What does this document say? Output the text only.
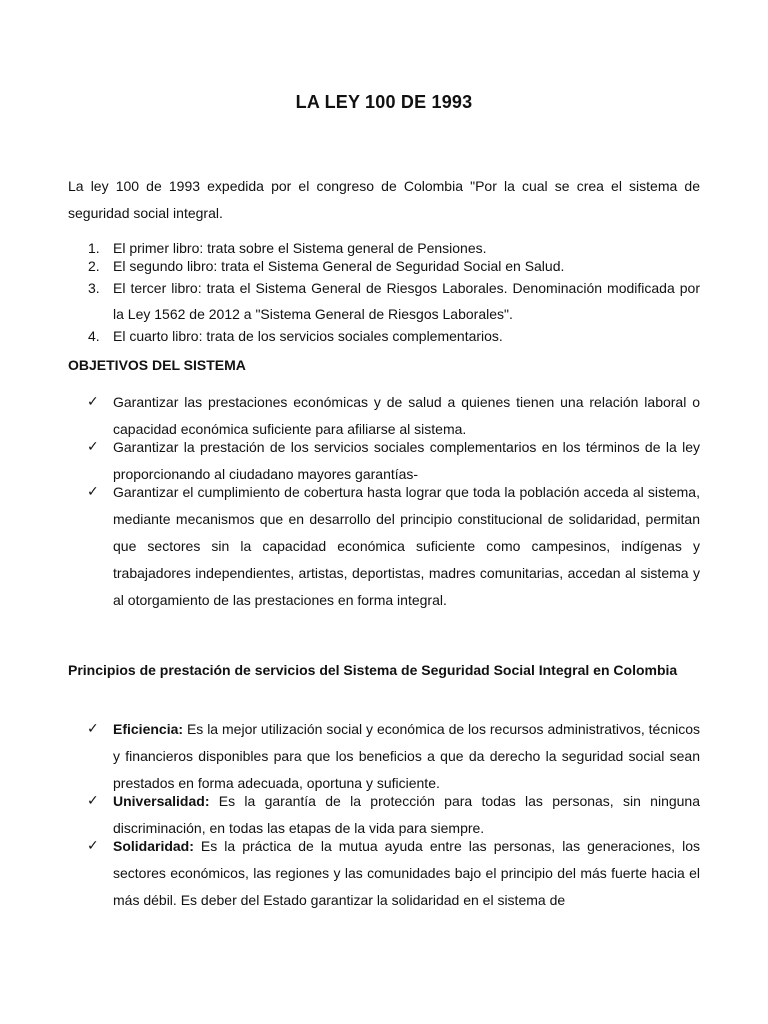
LA LEY 100 DE 1993
La ley 100 de 1993 expedida por el congreso de Colombia "Por la cual se crea el sistema de seguridad social integral.
1. El primer libro: trata sobre el Sistema general de Pensiones.
2. El segundo libro: trata el Sistema General de Seguridad Social en Salud.
3. El tercer libro: trata el Sistema General de Riesgos Laborales. Denominación modificada por la Ley 1562 de 2012 a "Sistema General de Riesgos Laborales".
4. El cuarto libro: trata de los servicios sociales complementarios.
OBJETIVOS DEL SISTEMA
✓ Garantizar las prestaciones económicas y de salud a quienes tienen una relación laboral o capacidad económica suficiente para afiliarse al sistema.
✓ Garantizar la prestación de los servicios sociales complementarios en los términos de la ley proporcionando al ciudadano mayores garantías-
✓ Garantizar el cumplimiento de cobertura hasta lograr que toda la población acceda al sistema, mediante mecanismos que en desarrollo del principio constitucional de solidaridad, permitan que sectores sin la capacidad económica suficiente como campesinos, indígenas y trabajadores independientes, artistas, deportistas, madres comunitarias, accedan al sistema y al otorgamiento de las prestaciones en forma integral.
Principios de prestación de servicios del Sistema de Seguridad Social Integral en Colombia
✓ Eficiencia: Es la mejor utilización social y económica de los recursos administrativos, técnicos y financieros disponibles para que los beneficios a que da derecho la seguridad social sean prestados en forma adecuada, oportuna y suficiente.
✓ Universalidad: Es la garantía de la protección para todas las personas, sin ninguna discriminación, en todas las etapas de la vida para siempre.
✓ Solidaridad: Es la práctica de la mutua ayuda entre las personas, las generaciones, los sectores económicos, las regiones y las comunidades bajo el principio del más fuerte hacia el más débil. Es deber del Estado garantizar la solidaridad en el sistema de
